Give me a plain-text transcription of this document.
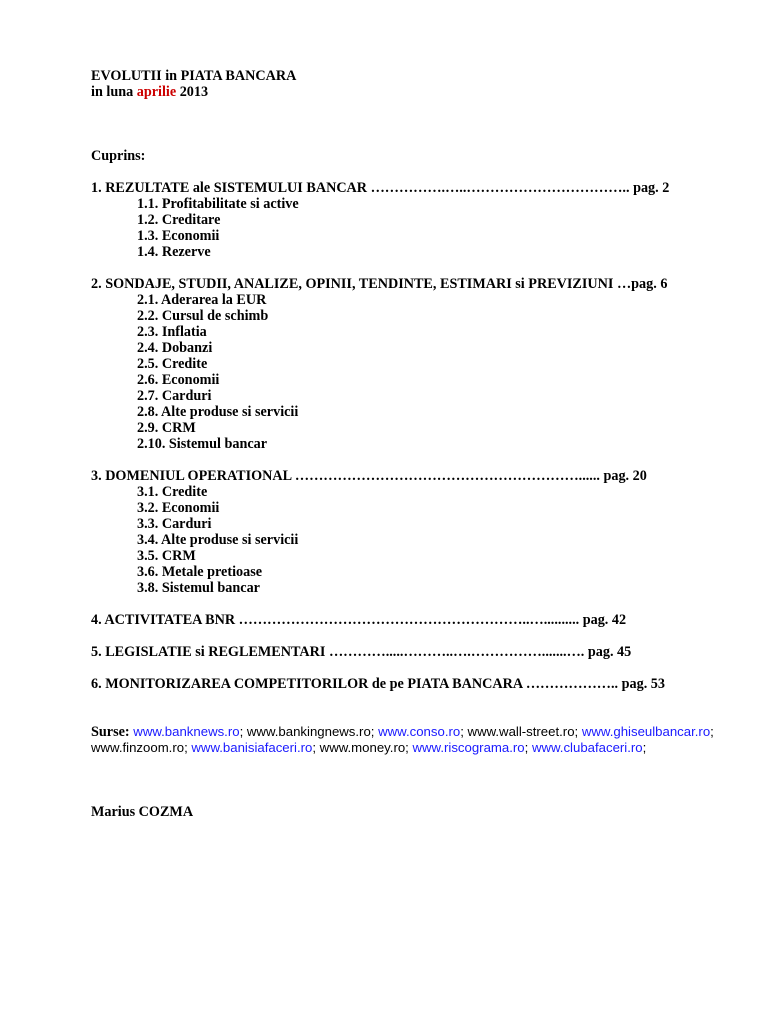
EVOLUTII in PIATA BANCARA
in luna aprilie 2013
Cuprins:
1. REZULTATE ale SISTEMULUI BANCAR …………….…..…………………………….. pag. 2
1.1. Profitabilitate si active
1.2. Creditare
1.3. Economii
1.4. Rezerve
2. SONDAJE, STUDII, ANALIZE, OPINII, TENDINTE, ESTIMARI si PREVIZIUNI …pag. 6
2.1. Aderarea la EUR
2.2. Cursul de schimb
2.3. Inflatia
2.4. Dobanzi
2.5. Credite
2.6. Economii
2.7. Carduri
2.8. Alte produse si servicii
2.9. CRM
2.10. Sistemul bancar
3. DOMENIUL OPERATIONAL ……………………………………………………...... pag. 20
3.1. Credite
3.2. Economii
3.3. Carduri
3.4. Alte produse si servicii
3.5. CRM
3.6. Metale pretioase
3.8. Sistemul bancar
4. ACTIVITATEA BNR ……………………………………………………..….......... pag. 42
5. LEGISLATIE si REGLEMENTARI ………….....………..….…………….......…. pag. 45
6. MONITORIZAREA COMPETITORILOR de pe PIATA BANCARA ……………….. pag. 53
Surse: www.banknews.ro; www.bankingnews.ro; www.conso.ro; www.wall-street.ro; www.ghiseulbancar.ro;
www.finzoom.ro; www.banisiafaceri.ro; www.money.ro; www.riscograma.ro; www.clubafaceri.ro;
Marius COZMA
